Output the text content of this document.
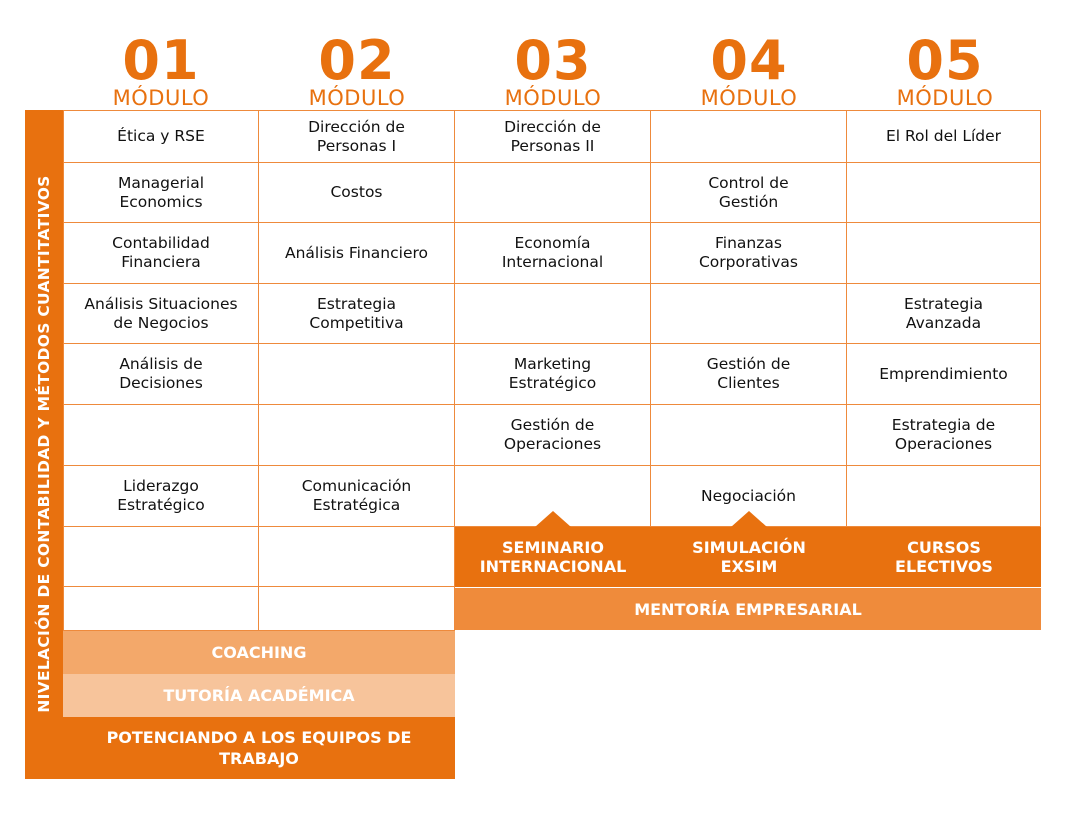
01
MÓDULO
02
MÓDULO
03
MÓDULO
04
MÓDULO
05
MÓDULO
NIVELACIÓN DE CONTABILIDAD Y MÉTODOS CUANTITATIVOS
Ética y RSE
Dirección de
Personas I
Dirección de
Personas II
El Rol del Líder
Managerial
Economics
Costos
Control de
Gestión
Contabilidad
Financiera
Análisis Financiero
Economía
Internacional
Finanzas
Corporativas
Análisis Situaciones
de Negocios
Estrategia
Competitiva
Estrategia
Avanzada
Análisis de
Decisiones
Marketing
Estratégico
Gestión de
Clientes
Emprendimiento
Gestión de
Operaciones
Estrategia de
Operaciones
Liderazgo
Estratégico
Comunicación
Estratégica
Negociación
SEMINARIO
INTERNACIONAL
SIMULACIÓN
EXSIM
CURSOS
ELECTIVOS
MENTORÍA EMPRESARIAL
COACHING
TUTORÍA ACADÉMICA
POTENCIANDO A LOS EQUIPOS DE
TRABAJO
